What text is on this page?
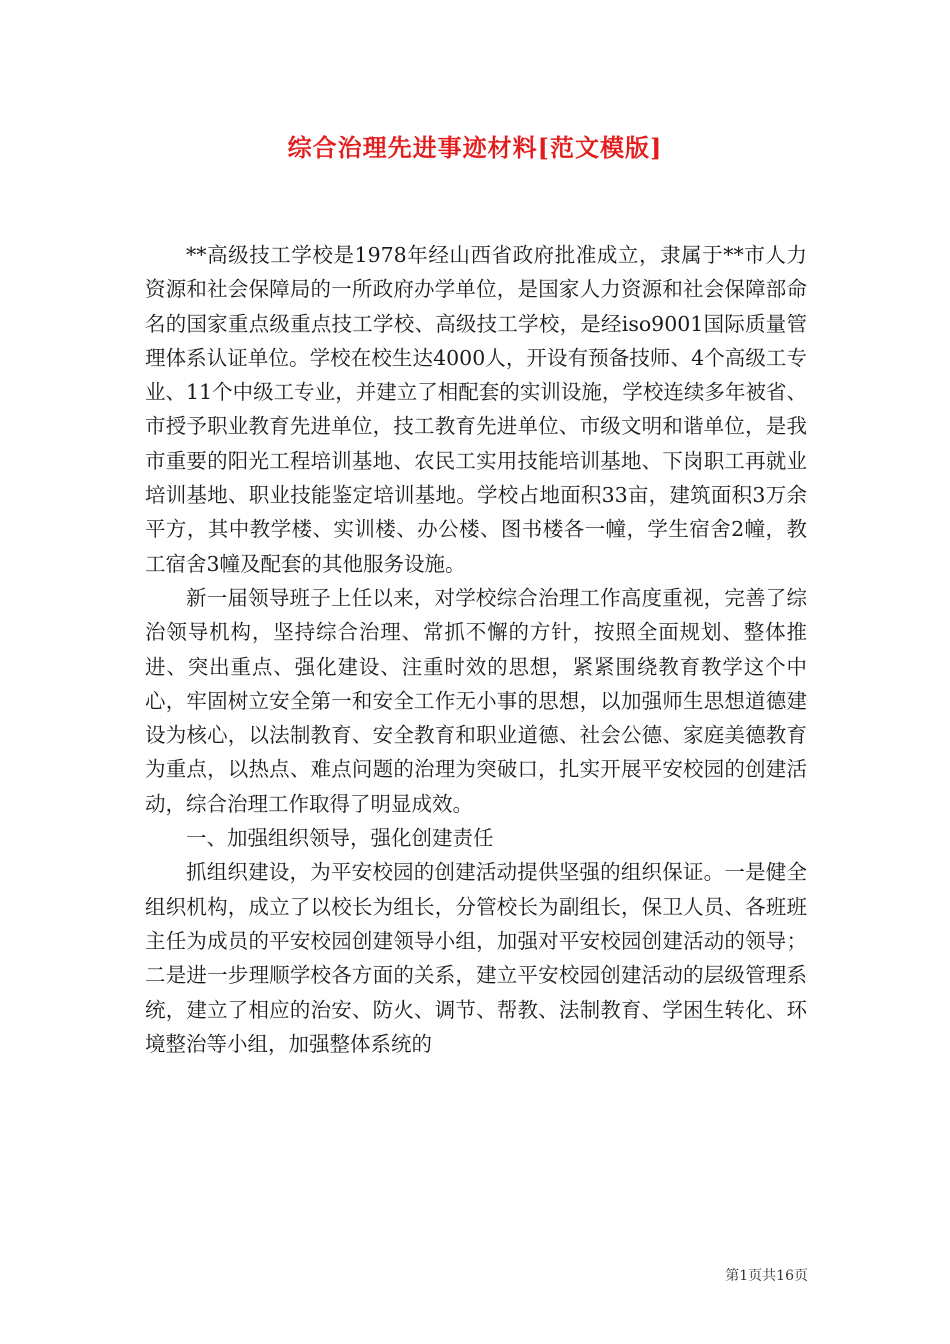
综合治理先进事迹材料[范文模版]

**高级技工学校是1978年经山西省政府批准成立，隶属于**市人力资源和社会保障局的一所政府办学单位，是国家人力资源和社会保障部命名的国家重点级重点技工学校、高级技工学校，是经iso9001国际质量管理体系认证单位。学校在校生达4000人，开设有预备技师、4个高级工专业、11个中级工专业，并建立了相配套的实训设施，学校连续多年被省、市授予职业教育先进单位，技工教育先进单位、市级文明和谐单位，是我市重要的阳光工程培训基地、农民工实用技能培训基地、下岗职工再就业培训基地、职业技能鉴定培训基地。学校占地面积33亩，建筑面积3万余平方，其中教学楼、实训楼、办公楼、图书楼各一幢，学生宿舍2幢，教工宿舍3幢及配套的其他服务设施。

新一届领导班子上任以来，对学校综合治理工作高度重视，完善了综治领导机构，坚持综合治理、常抓不懈的方针，按照全面规划、整体推进、突出重点、强化建设、注重时效的思想，紧紧围绕教育教学这个中心，牢固树立安全第一和安全工作无小事的思想，以加强师生思想道德建设为核心，以法制教育、安全教育和职业道德、社会公德、家庭美德教育为重点，以热点、难点问题的治理为突破口，扎实开展平安校园的创建活动，综合治理工作取得了明显成效。

一、加强组织领导，强化创建责任

抓组织建设，为平安校园的创建活动提供坚强的组织保证。一是健全组织机构，成立了以校长为组长，分管校长为副组长，保卫人员、各班班主任为成员的平安校园创建领导小组，加强对平安校园创建活动的领导；二是进一步理顺学校各方面的关系，建立平安校园创建活动的层级管理系统，建立了相应的治安、防火、调节、帮教、法制教育、学困生转化、环境整治等小组，加强整体系统的

第1页共16页
